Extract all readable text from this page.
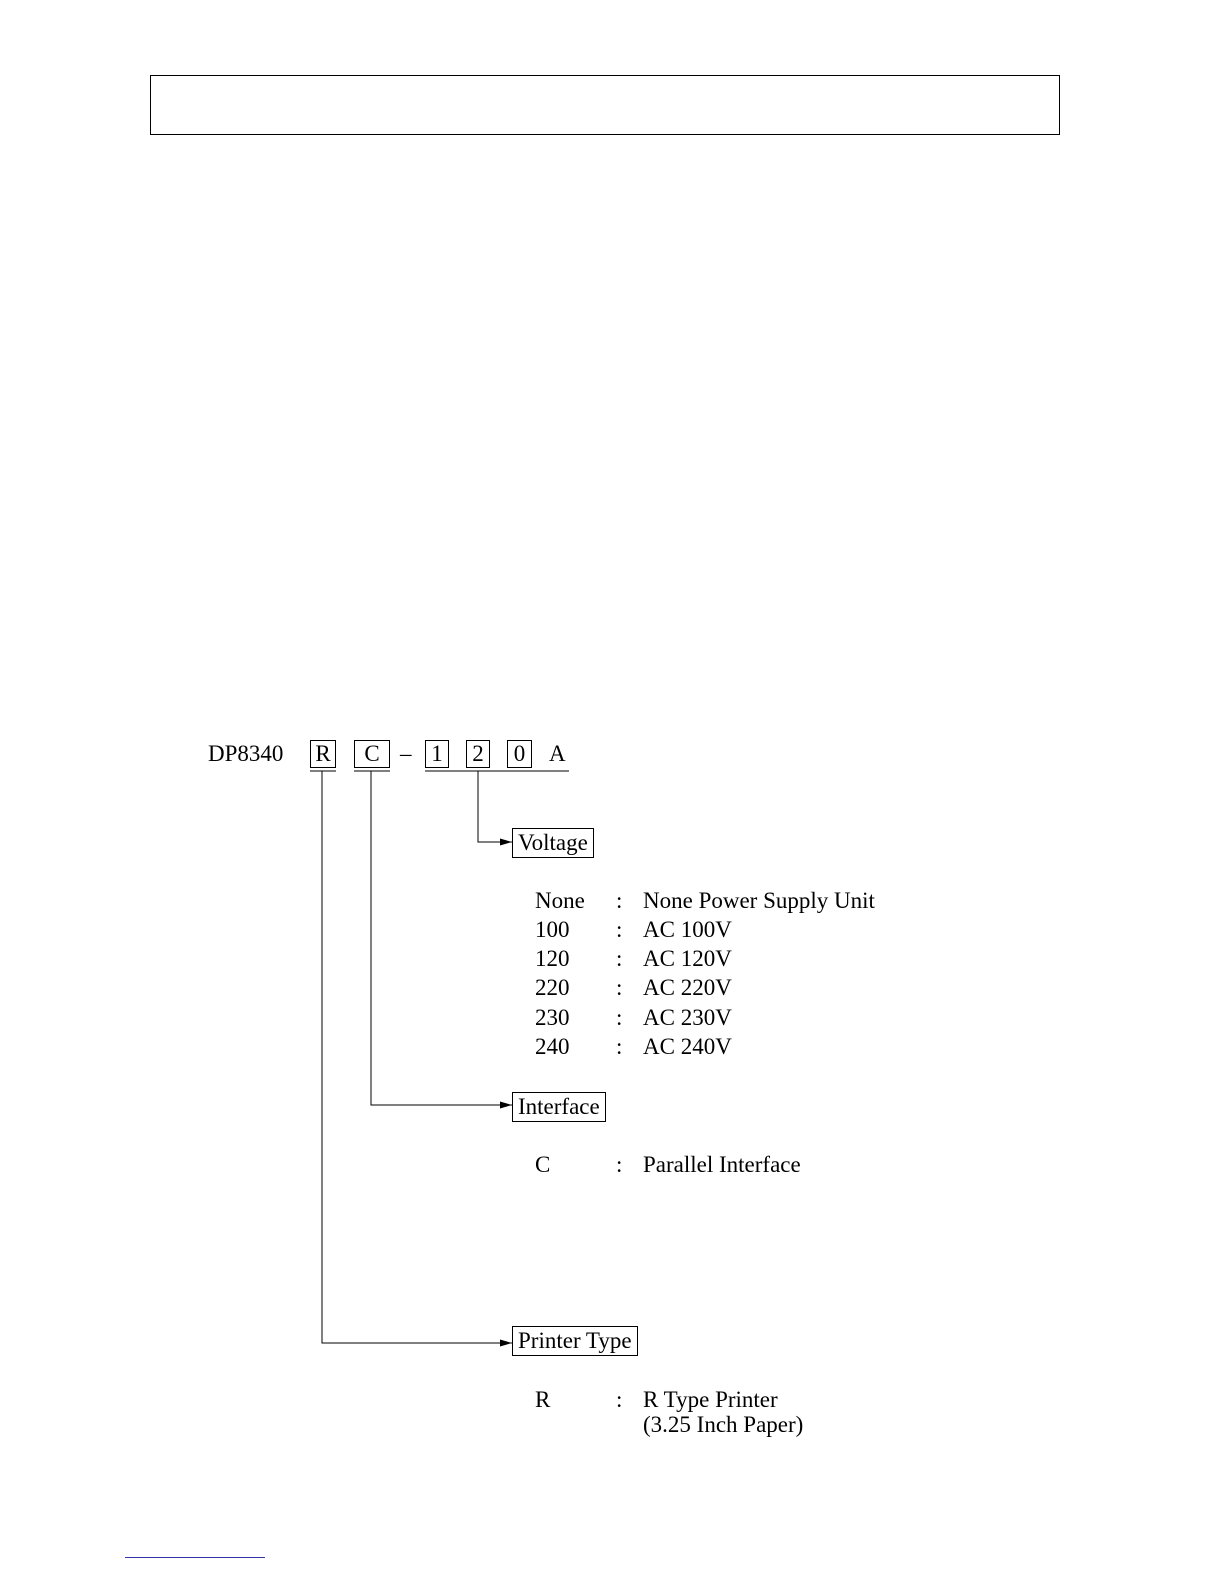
DP8340 R	C – 1 2 0 A
Voltage
None : None Power Supply Unit
100 : AC 100V
120 : AC 120V
220 : AC 220V
230 : AC 230V
240 : AC 240V
Interface
C	: Parallel Interface
Printer Type
R	: R Type Printer
(3.25 Inch Paper)
